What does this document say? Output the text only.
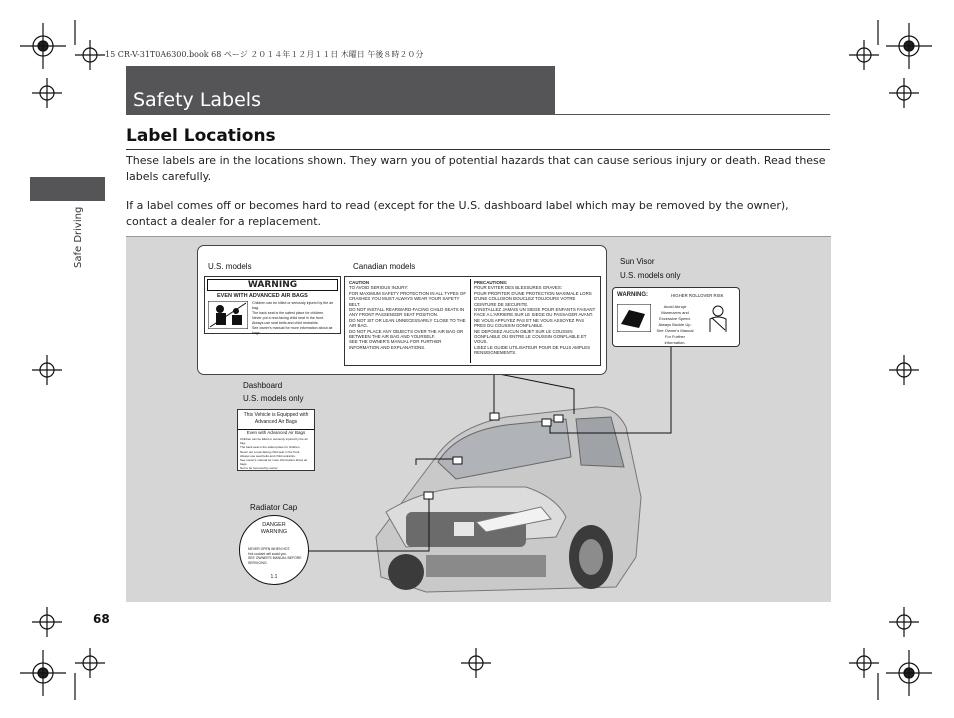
15 CR-V-31T0A6300.book 68 ページ ２０１４年１２月１１日 木曜日 午後８時２０分
Safety Labels
Label Locations
These labels are in the locations shown. They warn you of potential hazards that can cause serious injury or death. Read these labels carefully.
If a label comes off or becomes hard to read (except for the U.S. dashboard label which may be removed by the owner), contact a dealer for a replacement.
Safe Driving
68
U.S. models	Canadian models
WARNING
EVEN WITH ADVANCED AIR BAGS
Children can be killed or seriously injured by the air bag.
The back seat is the safest place for children.
Never put a rear-facing child seat in the front.
Always use seat belts and child restraints.
See owner's manual for more information about air bags.
CAUTION
TO AVOID SERIOUS INJURY:
FOR MAXIMUM SAFETY PROTECTION IN ALL TYPES OF CRASHES YOU MUST ALWAYS WEAR YOUR SAFETY BELT.
DO NOT INSTALL REARWARD-FACING CHILD SEATS IN ANY FRONT PASSENGER SEAT POSITION.
DO NOT SIT OR LEAN UNNECESSARILY CLOSE TO THE AIR BAG.
DO NOT PLACE ANY OBJECTS OVER THE AIR BAG OR BETWEEN THE AIR BAG AND YOURSELF.
SEE THE OWNER'S MANUAL FOR FURTHER INFORMATION AND EXPLANATIONS.
PRECAUTIONS:
POUR EVITER DES BLESSURES GRAVES:
POUR PROFITER D'UNE PROTECTION MAXIMALE LORS D'UNE COLLISION BOUCLEZ TOUJOURS VOTRE CEINTURE DE SECURITE.
N'INSTALLEZ JAMAIS UN SIEGE POUR ENFANTS FAISANT FACE A L'ARRIERE SUR LE SIEGE DU PASSAGER AVANT.
NE VOUS APPUYEZ PAS ET NE VOUS ASSOYEZ PAS PRES DU COUSSIN GONFLABLE.
NE DEPOSEZ AUCUN OBJET SUR LE COUSSIN GONFLABLE OU ENTRE LE COUSSIN GONFLABLE ET VOUS.
LISEZ LE GUIDE UTILISATEUR POUR DE PLUS AMPLES RENSEIGNEMENTS.
Sun Visor
U.S. models only
WARNING:	HIGHER ROLLOVER RISK
Avoid Abrupt Maneuvers and Excessive Speed.
Always Buckle Up.
See Owner's Manual For Further Information.
Dashboard
U.S. models only
This Vehicle is Equipped with
Advanced Air Bags
Even with Advanced Air Bags
Children can be killed or seriously injured by the air bag.
The back seat is the safest place for children.
Never put a rear-facing child seat in the front.
Always use seat belts and child restraints.
See owner's manual for more information about air bags.
Not to be removed by owner
Radiator Cap
DANGER
WARNING
NEVER OPEN WHEN HOT.
Hot coolant will scald you.
SEE OWNER'S MANUAL BEFORE SERVICING.
1.1
